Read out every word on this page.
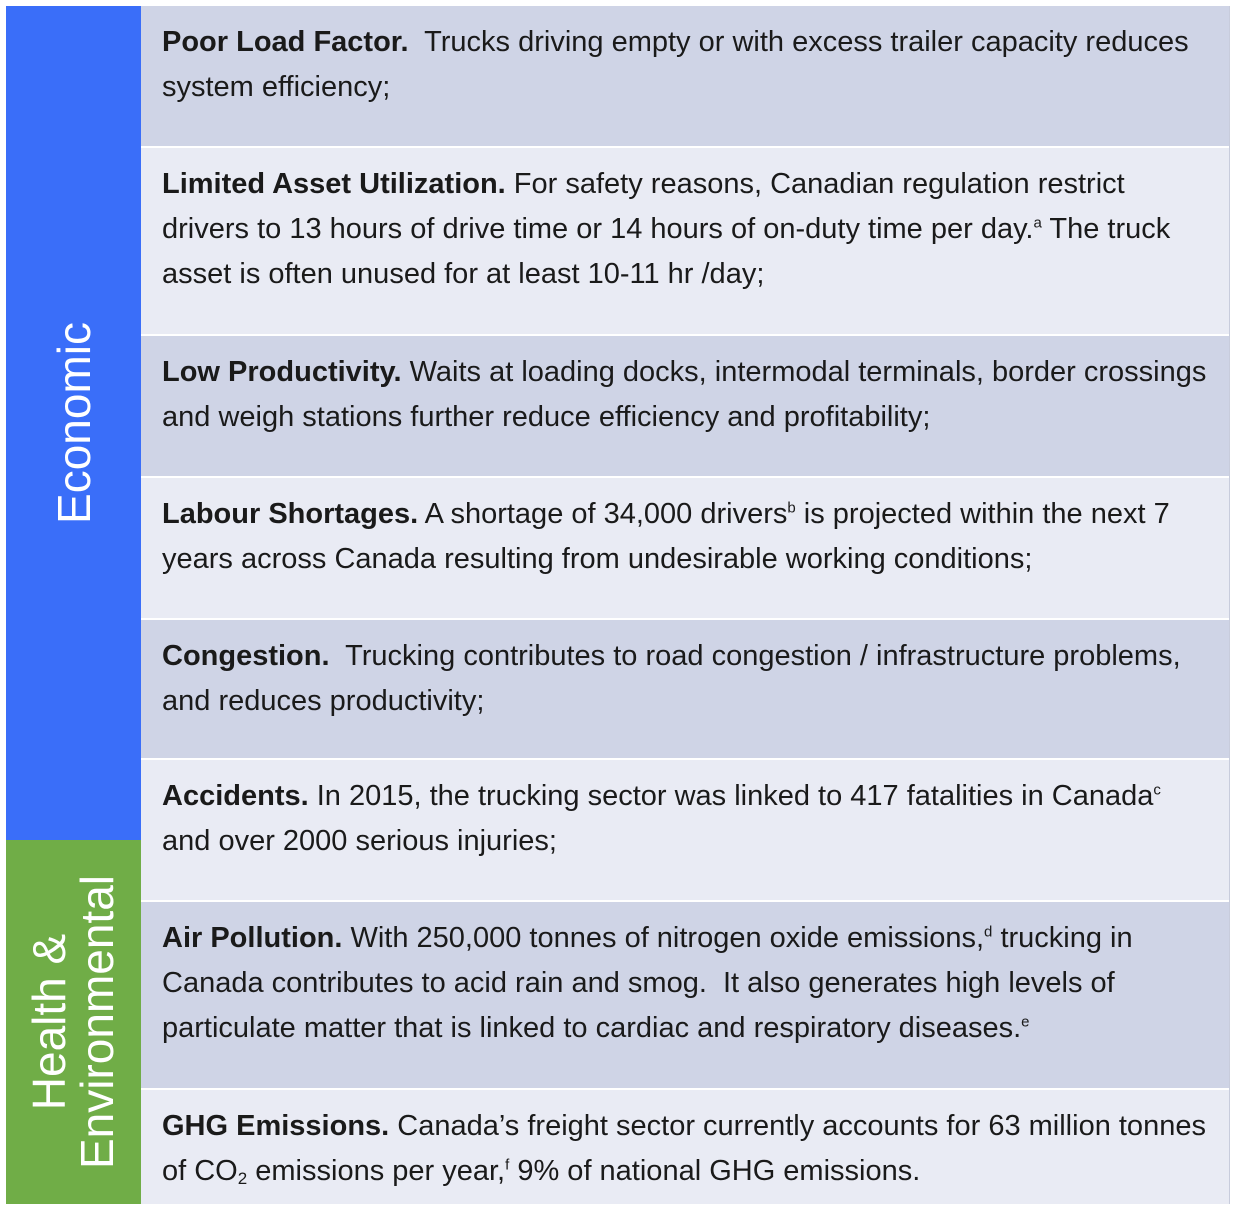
Economic
Health &
Environmental
Poor Load Factor.  Trucks driving empty or with excess trailer capacity reduces system efficiency;
Limited Asset Utilization. For safety reasons, Canadian regulation restrict drivers to 13 hours of drive time or 14 hours of on-duty time per day.$^a$ The truck asset is often unused for at least 10-11 hr /day;
Low Productivity. Waits at loading docks, intermodal terminals, border crossings and weigh stations further reduce efficiency and profitability;
Labour Shortages. A shortage of 34,000 drivers$^b$ is projected within the next 7 years across Canada resulting from undesirable working conditions;
Congestion.  Trucking contributes to road congestion / infrastructure problems, and reduces productivity;
Accidents. In 2015, the trucking sector was linked to 417 fatalities in Canada$^c$ and over 2000 serious injuries;
Air Pollution. With 250,000 tonnes of nitrogen oxide emissions,$^d$ trucking in Canada contributes to acid rain and smog.  It also generates high levels of particulate matter that is linked to cardiac and respiratory diseases.$^e$
GHG Emissions. Canada’s freight sector currently accounts for 63 million tonnes of $CO_2$ emissions per year,$^f$ 9% of national GHG emissions.
